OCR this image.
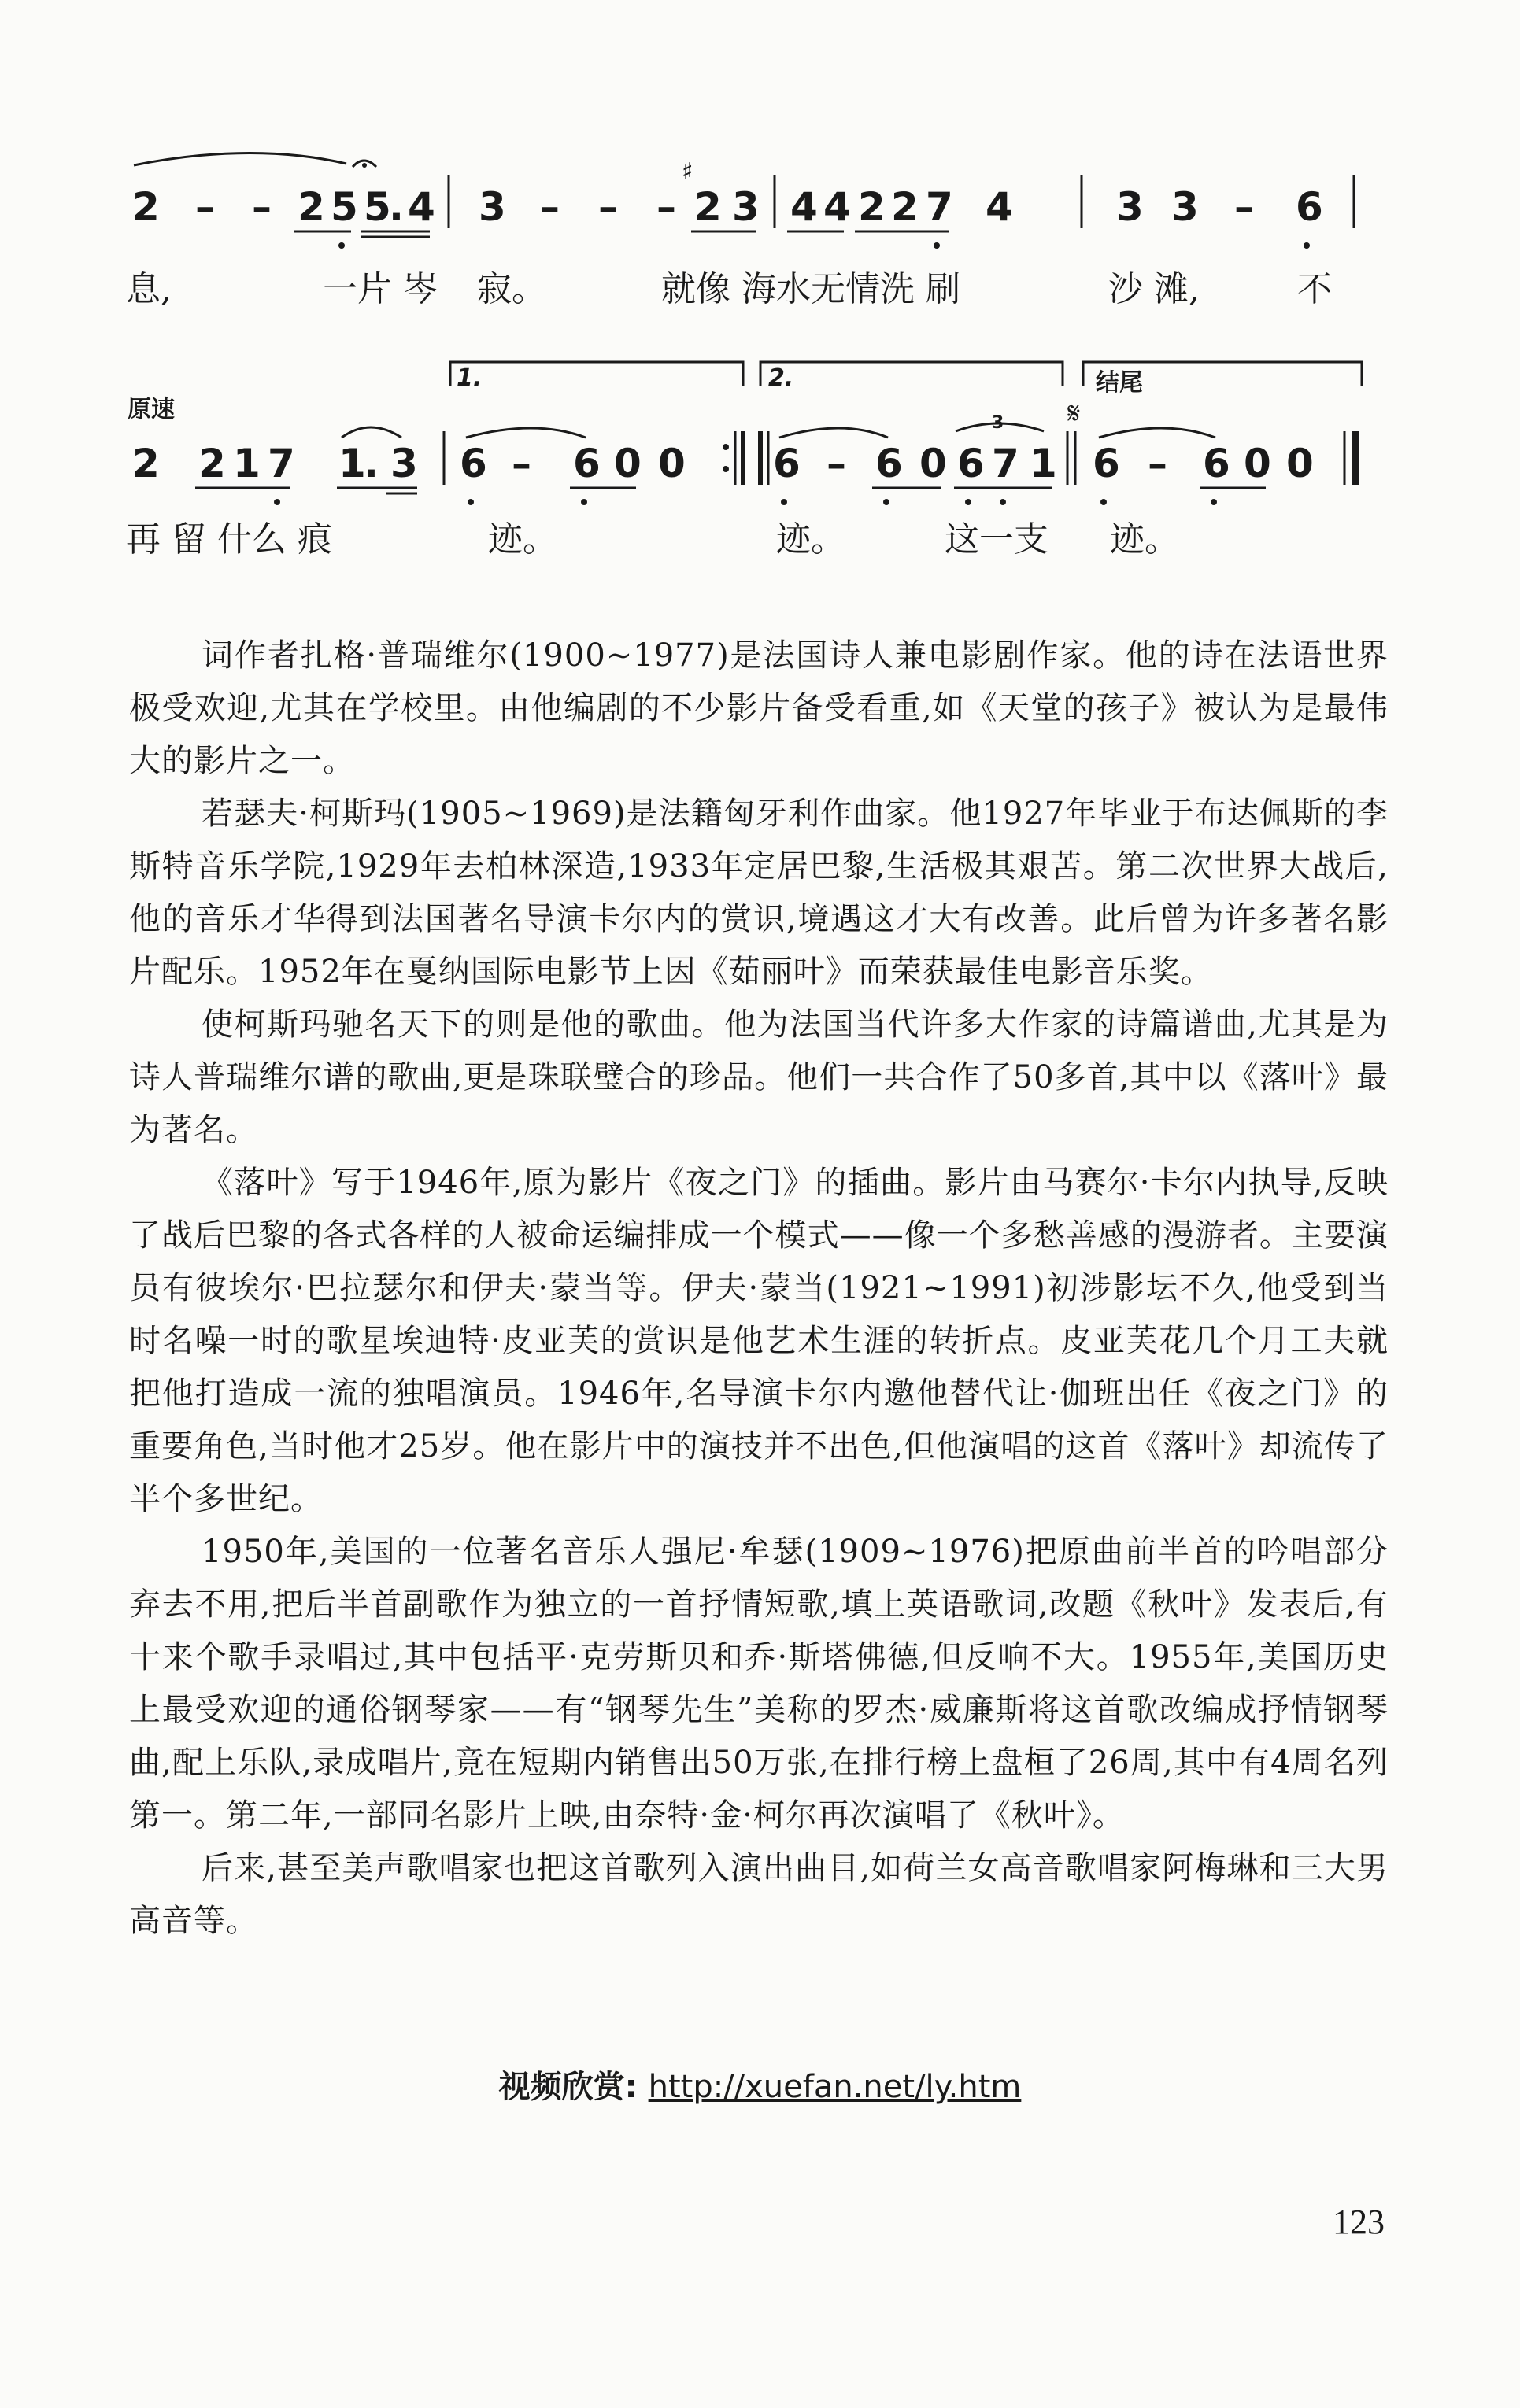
2 – – 2 5 5
. 4 3 – – – 2 3 4 4 2 2 7 4	3 3 – 6
♯
息,	一片 岑 寂。	就像 海水无情洗 刷	沙 滩,	不
原速
1.	2.	结尾
𝄋
3
2 2 1 7 1
. 3 6 – 6 0 0 6 – 6 0 6 7 1 6 – 6 0 0
再 留 什么 痕	迹。	迹。	这一支 迹。

词作者扎格·普瑞维尔(1900~1977)是法国诗人兼电影剧作家。他的诗在法语世界极受欢迎,尤其在学校里。由他编剧的不少影片备受看重,如《天堂的孩子》被认为是最伟大的影片之一。

若瑟夫·柯斯玛(1905~1969)是法籍匈牙利作曲家。他1927年毕业于布达佩斯的李斯特音乐学院,1929年去柏林深造,1933年定居巴黎,生活极其艰苦。第二次世界大战后,他的音乐才华得到法国著名导演卡尔内的赏识,境遇这才大有改善。此后曾为许多著名影片配乐。1952年在戛纳国际电影节上因《茹丽叶》而荣获最佳电影音乐奖。

使柯斯玛驰名天下的则是他的歌曲。他为法国当代许多大作家的诗篇谱曲,尤其是为诗人普瑞维尔谱的歌曲,更是珠联璧合的珍品。他们一共合作了50多首,其中以《落叶》最为著名。

《落叶》写于1946年,原为影片《夜之门》的插曲。影片由马赛尔·卡尔内执导,反映了战后巴黎的各式各样的人被命运编排成一个模式——像一个多愁善感的漫游者。主要演员有彼埃尔·巴拉瑟尔和伊夫·蒙当等。伊夫·蒙当(1921~1991)初涉影坛不久,他受到当时名噪一时的歌星埃迪特·皮亚芙的赏识是他艺术生涯的转折点。皮亚芙花几个月工夫就把他打造成一流的独唱演员。1946年,名导演卡尔内邀他替代让·伽班出任《夜之门》的重要角色,当时他才25岁。他在影片中的演技并不出色,但他演唱的这首《落叶》却流传了半个多世纪。

1950年,美国的一位著名音乐人强尼·牟瑟(1909~1976)把原曲前半首的吟唱部分弃去不用,把后半首副歌作为独立的一首抒情短歌,填上英语歌词,改题《秋叶》发表后,有十来个歌手录唱过,其中包括平·克劳斯贝和乔·斯塔佛德,但反响不大。1955年,美国历史上最受欢迎的通俗钢琴家——有“钢琴先生”美称的罗杰·威廉斯将这首歌改编成抒情钢琴曲,配上乐队,录成唱片,竟在短期内销售出50万张,在排行榜上盘桓了26周,其中有4周名列第一。第二年,一部同名影片上映,由奈特·金·柯尔再次演唱了《秋叶》。

后来,甚至美声歌唱家也把这首歌列入演出曲目,如荷兰女高音歌唱家阿梅琳和三大男高音等。

视频欣赏: http://xuefan.net/ly.htm
123
